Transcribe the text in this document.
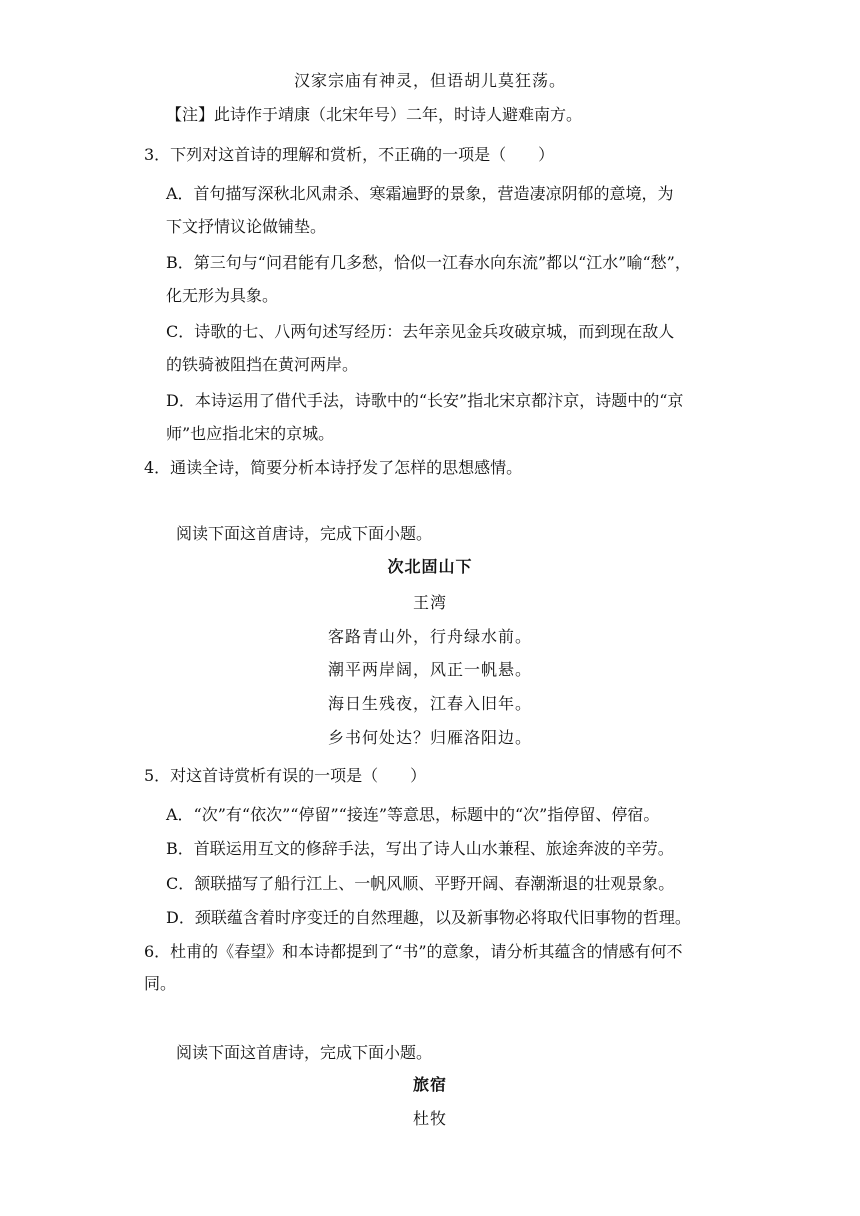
汉家宗庙有神灵，但语胡儿莫狂荡。
【注】此诗作于靖康（北宋年号）二年，时诗人避难南方。
3．下列对这首诗的理解和赏析，不正确的一项是（　　）
A．首句描写深秋北风肃杀、寒霜遍野的景象，营造凄凉阴郁的意境，为
下文抒情议论做铺垫。
B．第三句与“问君能有几多愁，恰似一江春水向东流”都以“江水”喻“愁”，
化无形为具象。
C．诗歌的七、八两句述写经历：去年亲见金兵攻破京城，而到现在敌人
的铁骑被阻挡在黄河两岸。
D．本诗运用了借代手法，诗歌中的“长安”指北宋京都汴京，诗题中的“京
师”也应指北宋的京城。
4．通读全诗，简要分析本诗抒发了怎样的思想感情。
阅读下面这首唐诗，完成下面小题。
次北固山下
王湾
客路青山外，行舟绿水前。
潮平两岸阔，风正一帆悬。
海日生残夜，江春入旧年。
乡书何处达？归雁洛阳边。
5．对这首诗赏析有误的一项是（　　）
A．“次”有“依次”“停留”“接连”等意思，标题中的“次”指停留、停宿。
B．首联运用互文的修辞手法，写出了诗人山水兼程、旅途奔波的辛劳。
C．颔联描写了船行江上、一帆风顺、平野开阔、春潮渐退的壮观景象。
D．颈联蕴含着时序变迁的自然理趣，以及新事物必将取代旧事物的哲理。
6．杜甫的《春望》和本诗都提到了“书”的意象，请分析其蕴含的情感有何不
同。
阅读下面这首唐诗，完成下面小题。
旅宿
杜牧
